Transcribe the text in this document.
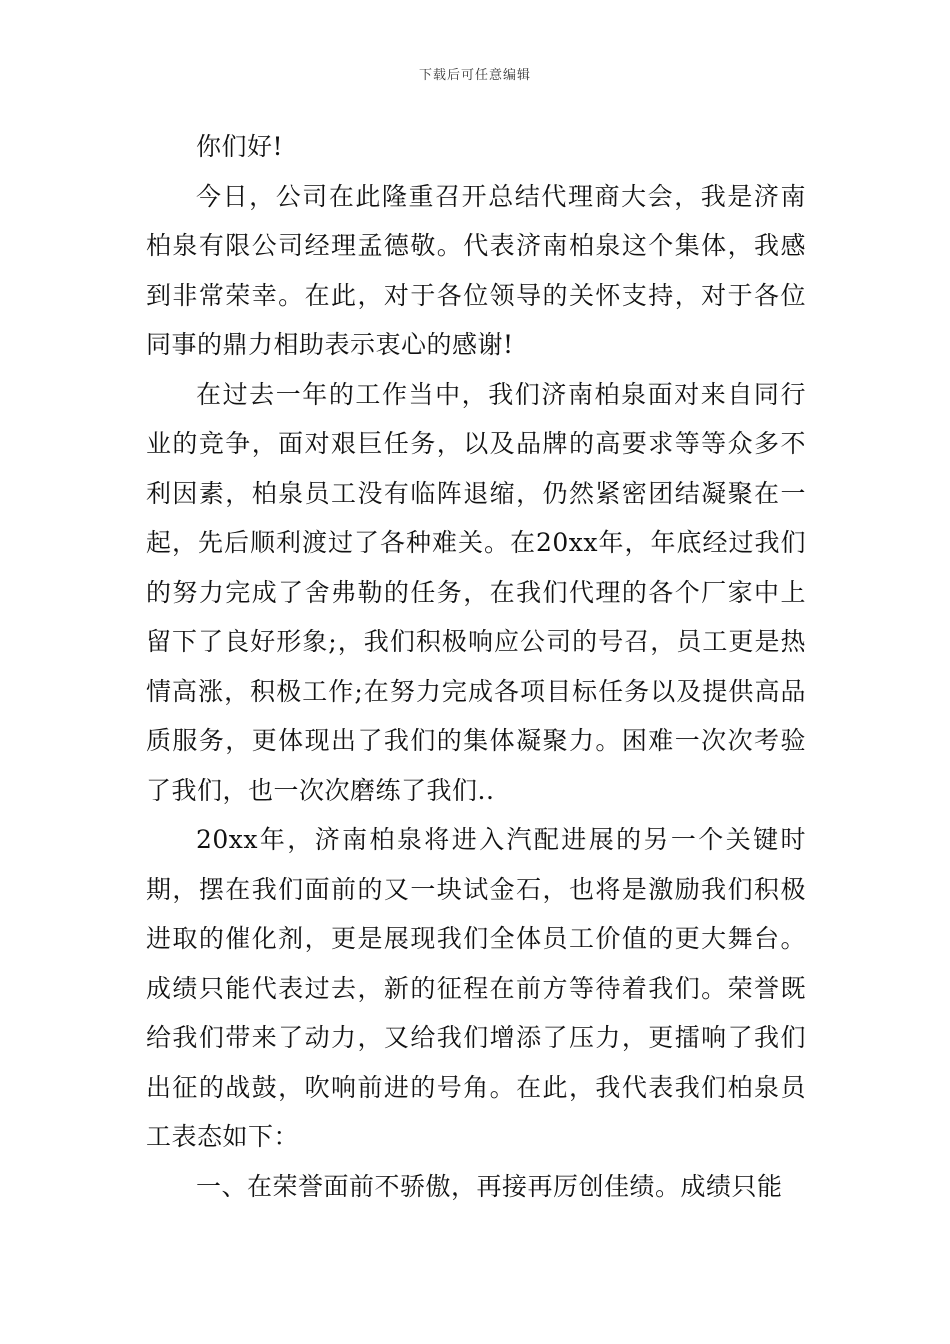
下载后可任意编辑

你们好!

今日，公司在此隆重召开总结代理商大会，我是济南柏泉有限公司经理孟德敬。代表济南柏泉这个集体，我感到非常荣幸。在此，对于各位领导的关怀支持，对于各位同事的鼎力相助表示衷心的感谢!

在过去一年的工作当中，我们济南柏泉面对来自同行业的竞争，面对艰巨任务，以及品牌的高要求等等众多不利因素，柏泉员工没有临阵退缩，仍然紧密团结凝聚在一起，先后顺利渡过了各种难关。在20xx年，年底经过我们的努力完成了舍弗勒的任务，在我们代理的各个厂家中上留下了良好形象;，我们积极响应公司的号召，员工更是热情高涨，积极工作;在努力完成各项目标任务以及提供高品质服务，更体现出了我们的集体凝聚力。困难一次次考验了我们，也一次次磨练了我们..

20xx年，济南柏泉将进入汽配进展的另一个关键时期，摆在我们面前的又一块试金石，也将是激励我们积极进取的催化剂，更是展现我们全体员工价值的更大舞台。成绩只能代表过去，新的征程在前方等待着我们。荣誉既给我们带来了动力，又给我们增添了压力，更擂响了我们出征的战鼓，吹响前进的号角。在此，我代表我们柏泉员工表态如下：

一、在荣誉面前不骄傲，再接再厉创佳绩。成绩只能
